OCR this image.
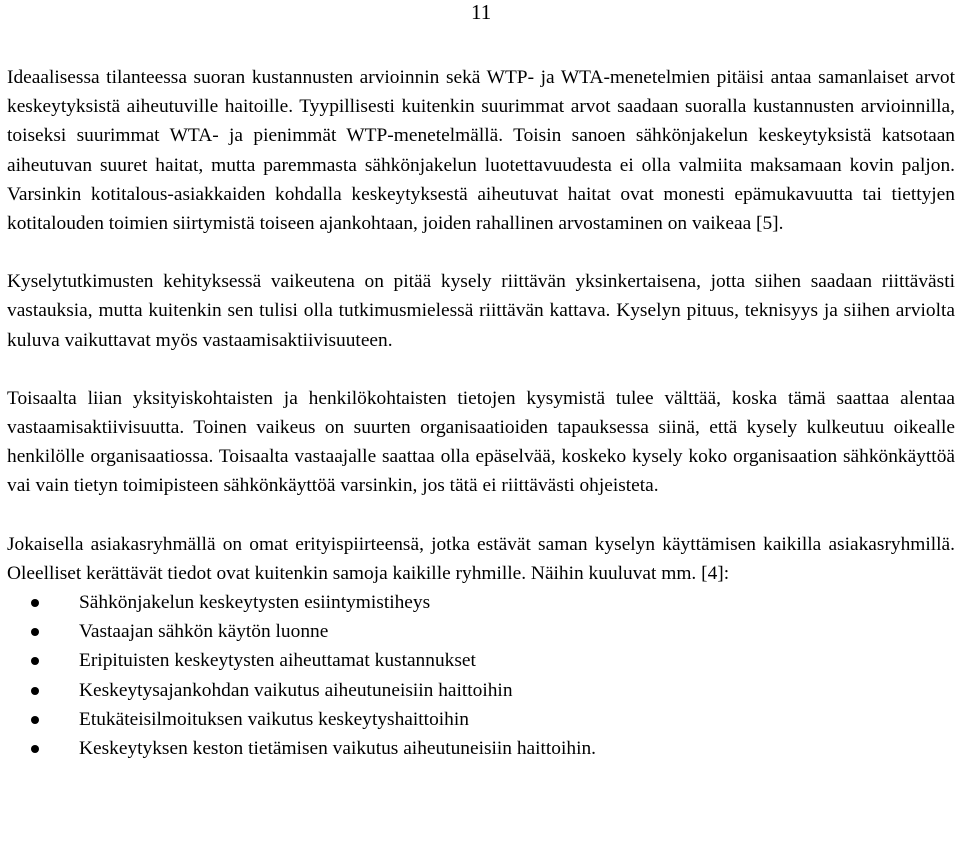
11

Ideaalisessa tilanteessa suoran kustannusten arvioinnin sekä WTP- ja WTA-menetelmien pitäisi antaa samanlaiset arvot keskeytyksistä aiheutuville haitoille. Tyypillisesti kuitenkin suurimmat arvot saadaan suoralla kustannusten arvioinnilla, toiseksi suurimmat WTA- ja pienimmät WTP-menetelmällä. Toisin sanoen sähkönjakelun keskeytyksistä katsotaan aiheutuvan suuret haitat, mutta paremmasta sähkönjakelun luotettavuudesta ei olla valmiita maksamaan kovin paljon. Varsinkin kotitalous-asiakkaiden kohdalla keskeytyksestä aiheutuvat haitat ovat monesti epämukavuutta tai tiettyjen kotitalouden toimien siirtymistä toiseen ajankohtaan, joiden rahallinen arvostaminen on vaikeaa [5].

Kyselytutkimusten kehityksessä vaikeutena on pitää kysely riittävän yksinkertaisena, jotta siihen saadaan riittävästi vastauksia, mutta kuitenkin sen tulisi olla tutkimusmielessä riittävän kattava. Kyselyn pituus, teknisyys ja siihen arviolta kuluva vaikuttavat myös vastaamisaktiivisuuteen.

Toisaalta liian yksityiskohtaisten ja henkilökohtaisten tietojen kysymistä tulee välttää, koska tämä saattaa alentaa vastaamisaktiivisuutta. Toinen vaikeus on suurten organisaatioiden tapauksessa siinä, että kysely kulkeutuu oikealle henkilölle organisaatiossa. Toisaalta vastaajalle saattaa olla epäselvää, koskeko kysely koko organisaation sähkönkäyttöä vai vain tietyn toimipisteen sähkönkäyttöä varsinkin, jos tätä ei riittävästi ohjeisteta.

Jokaisella asiakasryhmällä on omat erityispiirteensä, jotka estävät saman kyselyn käyttämisen kaikilla asiakasryhmillä. Oleelliset kerättävät tiedot ovat kuitenkin samoja kaikille ryhmille. Näihin kuuluvat mm. [4]:

Sähkönjakelun keskeytysten esiintymistiheys
Vastaajan sähkön käytön luonne
Eripituisten keskeytysten aiheuttamat kustannukset
Keskeytysajankohdan vaikutus aiheutuneisiin haittoihin
Etukäteisilmoituksen vaikutus keskeytyshaittoihin
Keskeytyksen keston tietämisen vaikutus aiheutuneisiin haittoihin.
